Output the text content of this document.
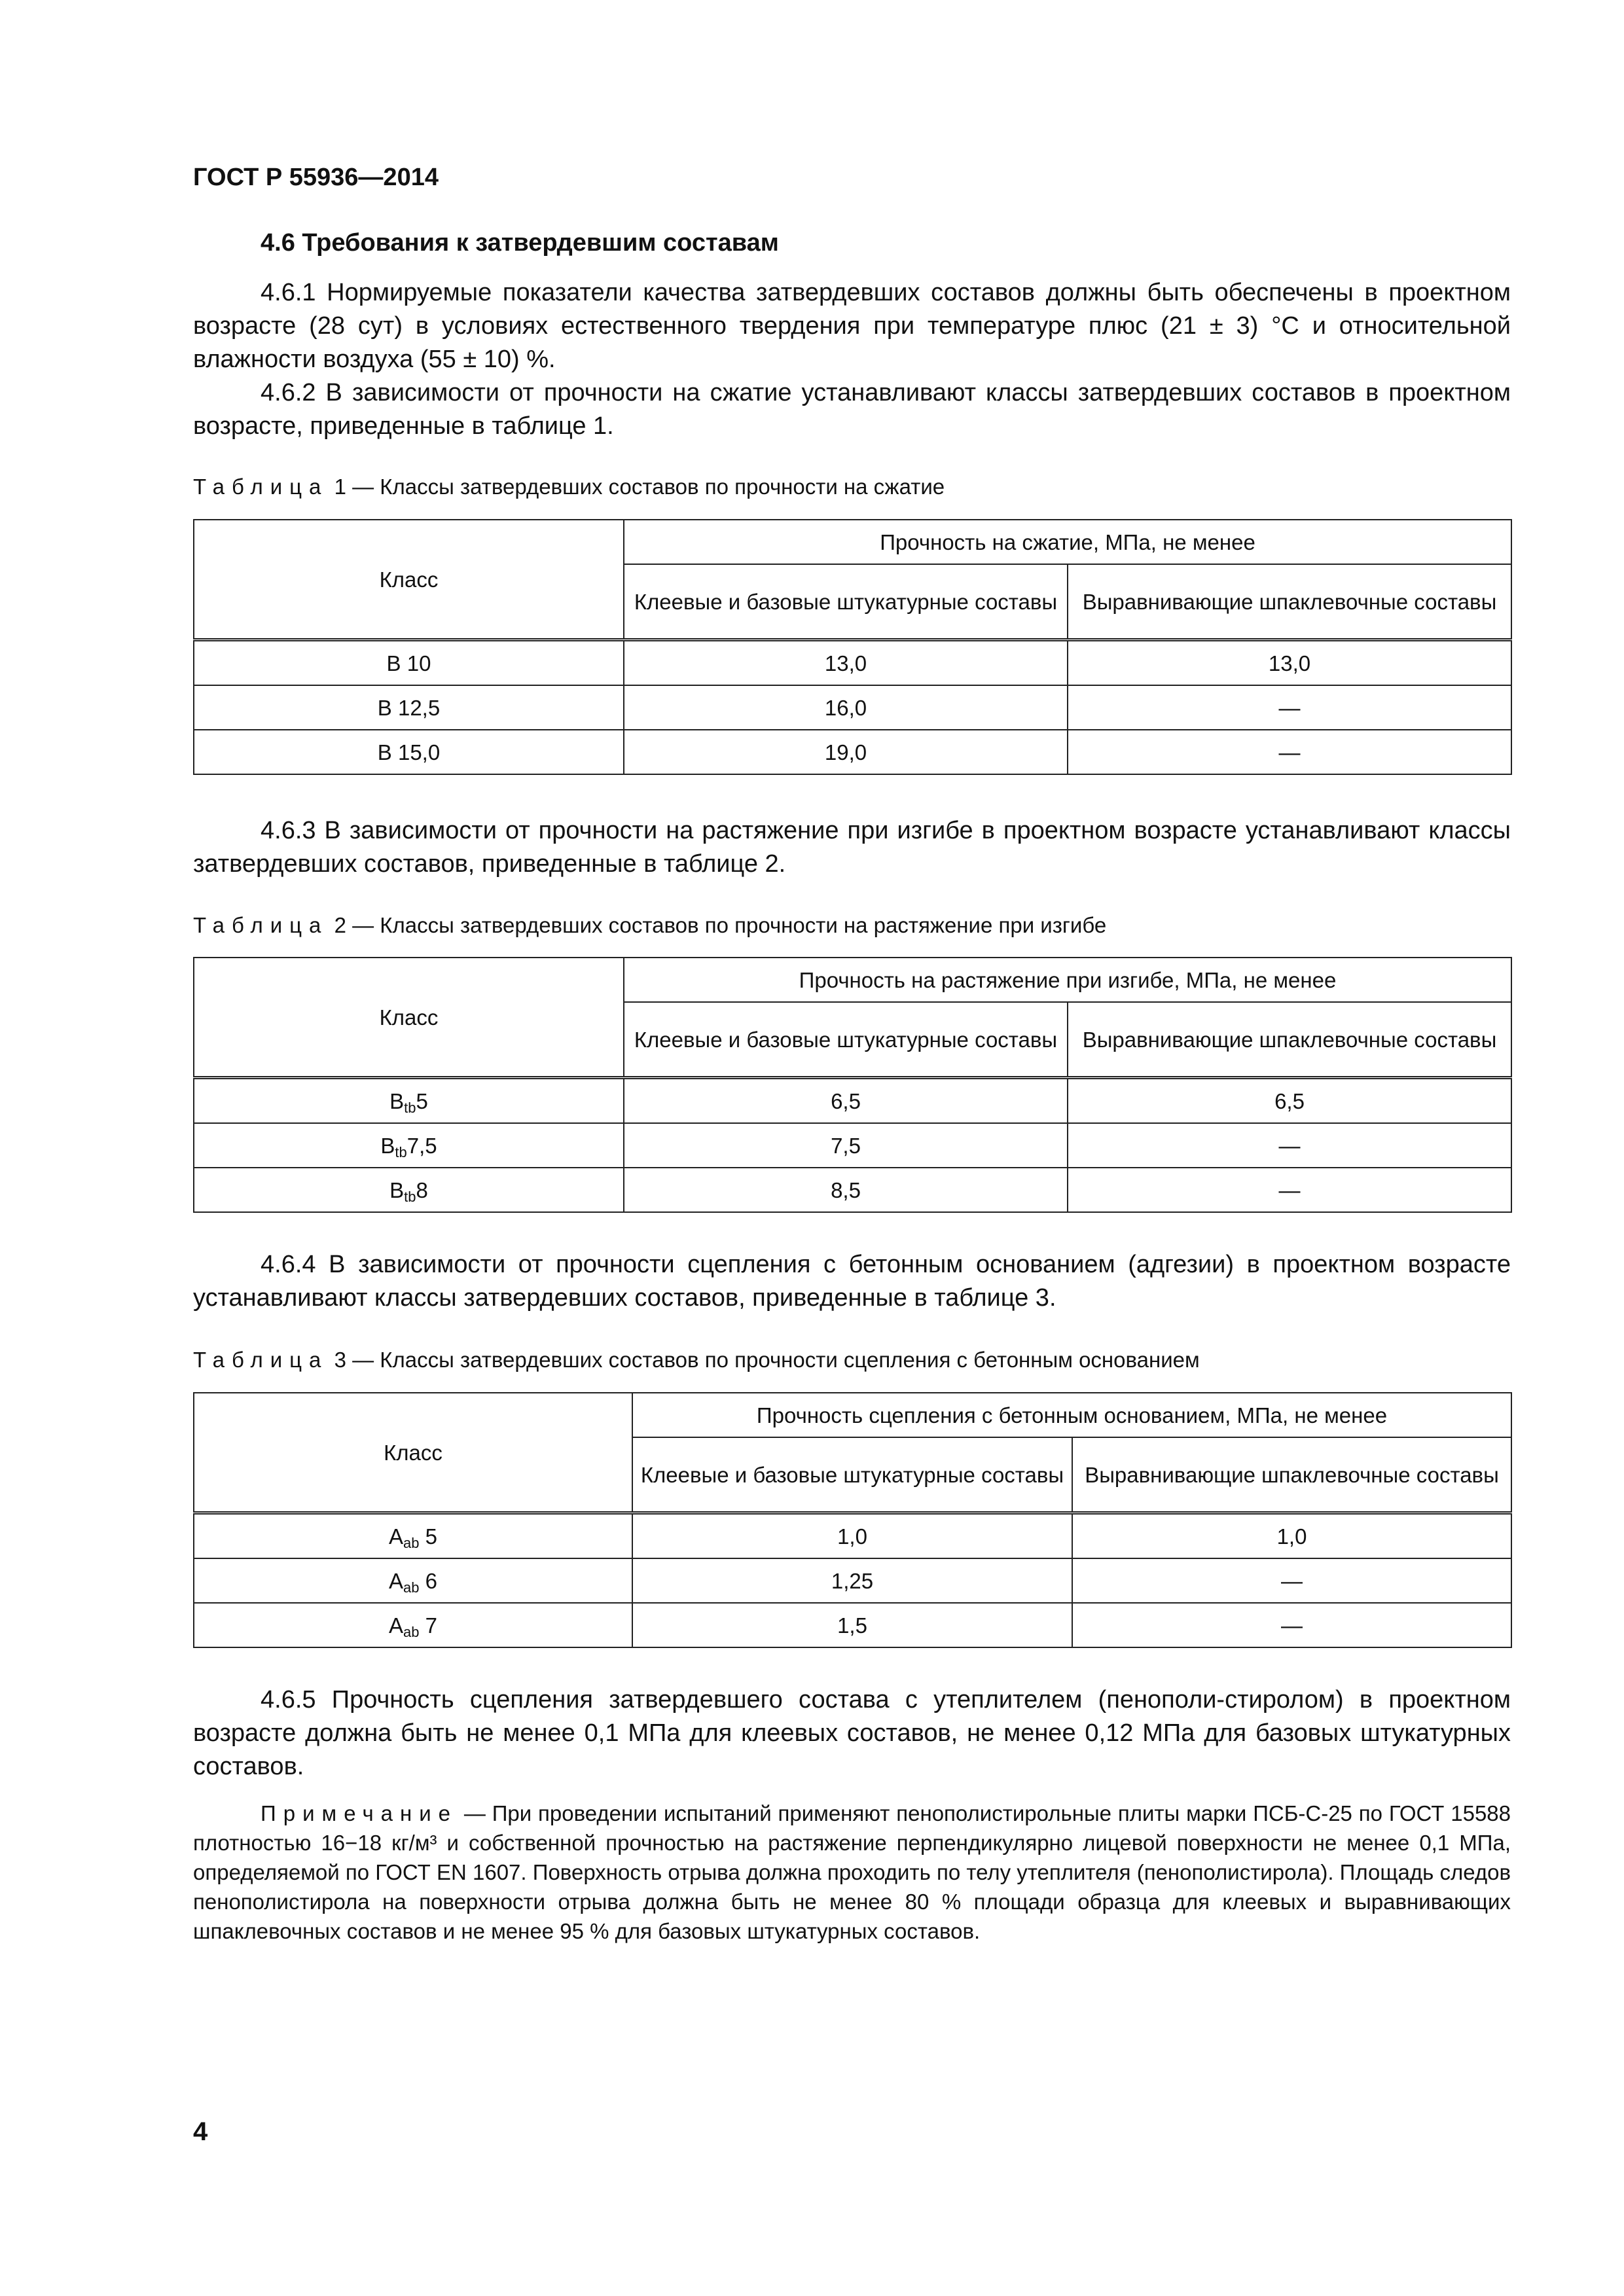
ГОСТ Р 55936—2014
4.6 Требования к затвердевшим составам
4.6.1 Нормируемые показатели качества затвердевших составов должны быть обеспечены в проектном возрасте (28 сут) в условиях естественного твердения при температуре плюс (21 ± 3) °С и относительной влажности воздуха (55 ± 10) %.
4.6.2 В зависимости от прочности на сжатие устанавливают классы затвердевших составов в проектном возрасте, приведенные в таблице 1.
Таблица 1 — Классы затвердевших составов по прочности на сжатие
Класс	Прочность на сжатие, МПа, не менее	
	Клеевые и базовые штукатурные составы	Выравнивающие шпаклевочные составы
В 10	13,0	13,0
В 12,5	16,0	—
В 15,0	19,0	—
4.6.3 В зависимости от прочности на растяжение при изгибе в проектном возрасте устанавливают классы затвердевших составов, приведенные в таблице 2.
Таблица 2 — Классы затвердевших составов по прочности на растяжение при изгибе
Класс	Прочность на растяжение при изгибе, МПа, не менее	
	Клеевые и базовые штукатурные составы	Выравнивающие шпаклевочные составы
$B_{tb}5$	6,5	6,5
$B_{tb}7,5$	7,5	—
$B_{tb}8$	8,5	—
4.6.4 В зависимости от прочности сцепления с бетонным основанием (адгезии) в проектном возрасте устанавливают классы затвердевших составов, приведенные в таблице 3.
Таблица 3 — Классы затвердевших составов по прочности сцепления с бетонным основанием
Класс	Прочность сцепления с бетонным основанием, МПа, не менее	
	Клеевые и базовые штукатурные составы	Выравнивающие шпаклевочные составы
$A_{ab}$ 5	1,0	1,0
$A_{ab}$ 6	1,25	—
$A_{ab}$ 7	1,5	—
4.6.5 Прочность сцепления затвердевшего состава с утеплителем (пенополи-стиролом) в проектном возрасте должна быть не менее 0,1 МПа для клеевых составов, не менее 0,12 МПа для базовых штукатурных составов.
Примечание — При проведении испытаний применяют пенополистирольные плиты марки ПСБ-С-25 по ГОСТ 15588 плотностью 16−18 кг/м³ и собственной прочностью на растяжение перпендикулярно лицевой поверхности не менее 0,1 МПа, определяемой по ГОСТ EN 1607. Поверхность отрыва должна проходить по телу утеплителя (пенополистирола). Площадь следов пенополистирола на поверхности отрыва должна быть не менее 80 % площади образца для клеевых и выравнивающих шпаклевочных составов и не менее 95 % для базовых штукатурных составов.
4
